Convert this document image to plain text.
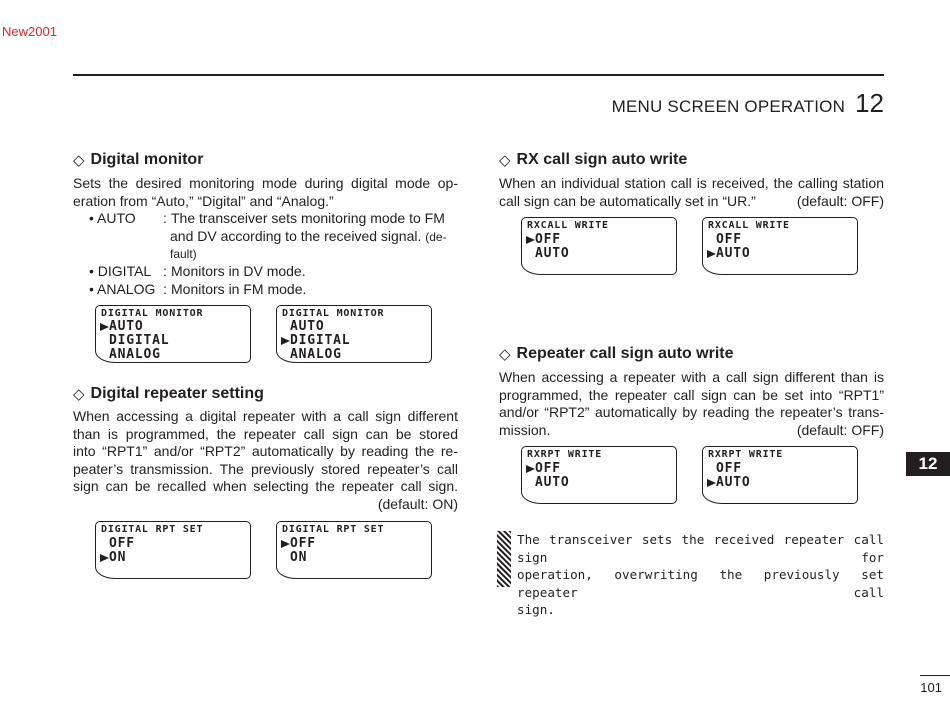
New2001
MENU SCREEN OPERATION 12
◇ Digital monitor
Sets the desired monitoring mode during digital mode op-
eration from “Auto,” “Digital” and “Analog.”
• AUTO	: The transceiver sets monitoring mode to FM
and DV according to the received signal. (de-
fault)
• DIGITAL : Monitors in DV mode.
• ANALOG : Monitors in FM mode.
DIGITAL MONITOR
AUTO
DIGITAL
ANALOG
DIGITAL MONITOR
AUTO
DIGITAL
ANALOG
◇ Digital repeater setting
When accessing a digital repeater with a call sign different
than is programmed, the repeater call sign can be stored
into “RPT1” and/or “RPT2” automatically by reading the re-
peater’s transmission. The previously stored repeater’s call
sign can be recalled when selecting the repeater call sign.
(default: ON)
DIGITAL RPT SET
OFF
ON
DIGITAL RPT SET
OFF
ON
◇ RX call sign auto write
When an individual station call is received, the calling station
call sign can be automatically set in “UR.”	(default: OFF)
RXCALL WRITE
OFF
AUTO
RXCALL WRITE
OFF
AUTO
◇ Repeater call sign auto write
When accessing a repeater with a call sign different than is
programmed, the repeater call sign can be set into “RPT1”
and/or “RPT2” automatically by reading the repeater’s trans-
mission.	(default: OFF)
RXRPT WRITE
OFF
AUTO
RXRPT WRITE
OFF
AUTO
The transceiver sets the received repeater call sign for
operation, overwriting the previously set repeater call
sign.
12
101
